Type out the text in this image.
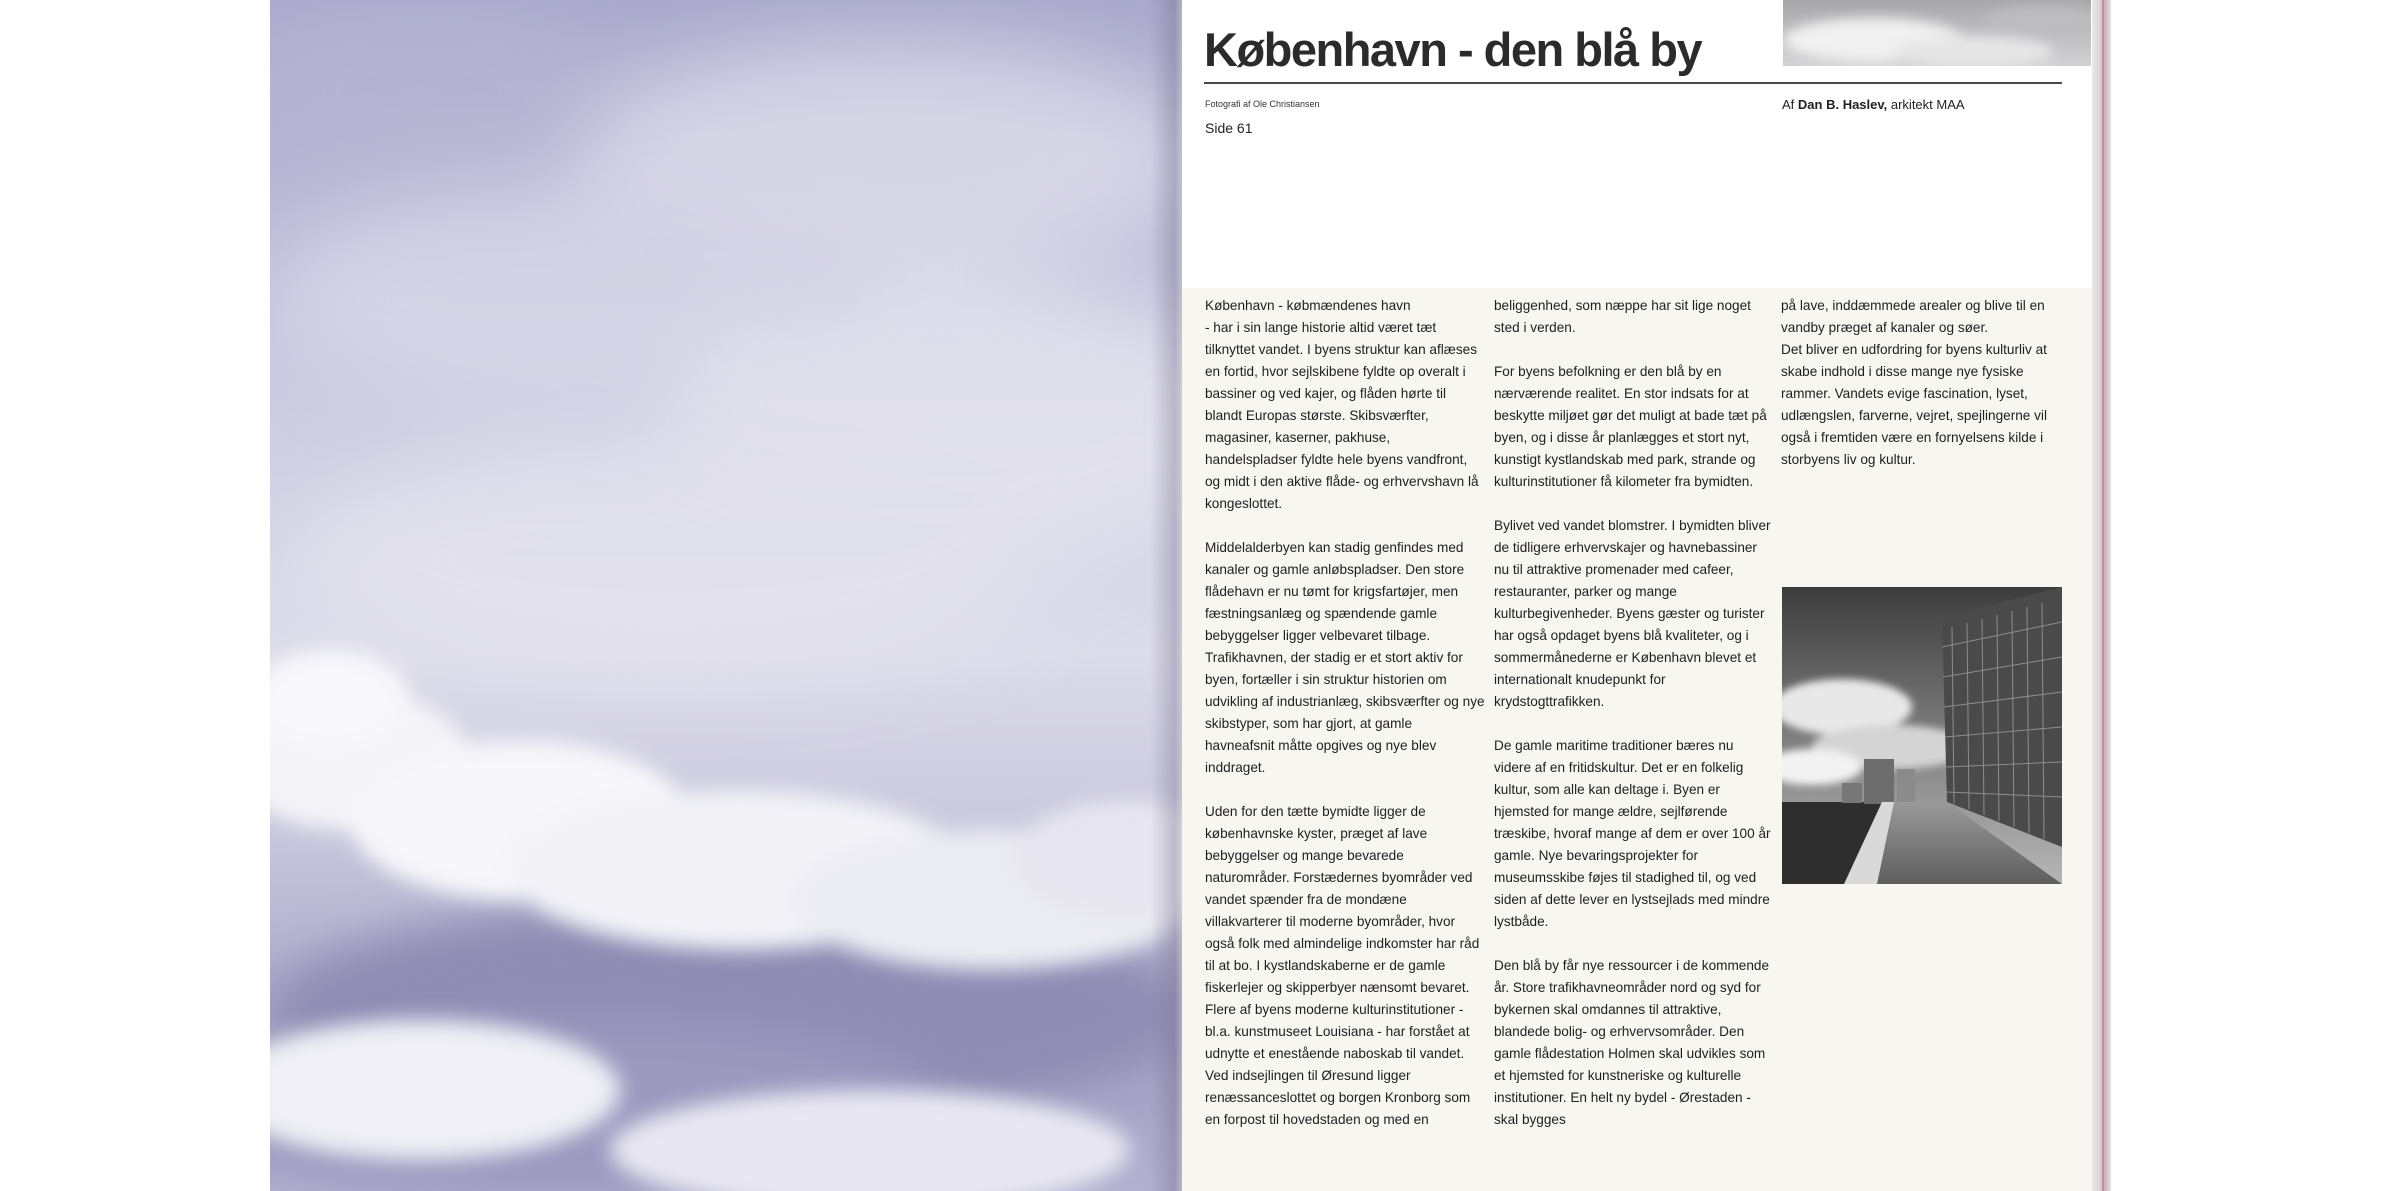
København - den blå by
Fotografi af Ole Christiansen
Side 61
Af Dan B. Haslev, arkitekt MAA

København - købmændenes havn
- har i sin lange historie altid været tæt tilknyttet vandet. I byens struktur kan aflæses en fortid, hvor sejlskibene fyldte op overalt i bassiner og ved kajer, og flåden hørte til blandt Europas største. Skibsværfter, magasiner, kaserner, pakhuse, handelspladser fyldte hele byens vandfront, og midt i den aktive flåde- og erhvervshavn lå kongeslottet.

Middelalderbyen kan stadig genfindes med kanaler og gamle anløbspladser. Den store flådehavn er nu tømt for krigsfartøjer, men fæstningsanlæg og spændende gamle bebyggelser ligger velbevaret tilbage. Trafikhavnen, der stadig er et stort aktiv for byen, fortæller i sin struktur historien om udvikling af industrianlæg, skibsværfter og nye skibstyper, som har gjort, at gamle havneafsnit måtte opgives og nye blev inddraget.

Uden for den tætte bymidte ligger de københavnske kyster, præget af lave bebyggelser og mange bevarede naturområder. Forstædernes byområder ved vandet spænder fra de mondæne villakvarterer til moderne byområder, hvor også folk med almindelige indkomster har råd til at bo. I kystlandskaberne er de gamle fiskerlejer og skipperbyer nænsomt bevaret. Flere af byens moderne kulturinstitutioner - bl.a. kunstmuseet Louisiana - har forstået at udnytte et enestående naboskab til vandet. Ved indsejlingen til Øresund ligger renæssanceslottet og borgen Kronborg som en forpost til hovedstaden og med en

beliggenhed, som næppe har sit lige noget sted i verden.

For byens befolkning er den blå by en nærværende realitet. En stor indsats for at beskytte miljøet gør det muligt at bade tæt på byen, og i disse år planlægges et stort nyt, kunstigt kystlandskab med park, strande og kulturinstitutioner få kilometer fra bymidten.

Bylivet ved vandet blomstrer. I bymidten bliver de tidligere erhvervskajer og havnebassiner nu til attraktive promenader med cafeer, restauranter, parker og mange kulturbegivenheder. Byens gæster og turister har også opdaget byens blå kvaliteter, og i sommermånederne er København blevet et internationalt knudepunkt for krydstogttrafikken.

De gamle maritime traditioner bæres nu videre af en fritidskultur. Det er en folkelig kultur, som alle kan deltage i. Byen er hjemsted for mange ældre, sejlførende træskibe, hvoraf mange af dem er over 100 år gamle. Nye bevaringsprojekter for museumsskibe føjes til stadighed til, og ved siden af dette lever en lystsejlads med mindre lystbåde.

Den blå by får nye ressourcer i de kommende år. Store trafikhavneområder nord og syd for bykernen skal omdannes til attraktive, blandede bolig- og erhvervsområder. Den gamle flådestation Holmen skal udvikles som et hjemsted for kunstneriske og kulturelle institutioner. En helt ny bydel - Ørestaden - skal bygges

på lave, inddæmmede arealer og blive til en vandby præget af kanaler og søer.
Det bliver en udfordring for byens kulturliv at skabe indhold i disse mange nye fysiske rammer. Vandets evige fascination, lyset, udlængslen, farverne, vejret, spejlingerne vil også i fremtiden være en fornyelsens kilde i storbyens liv og kultur.
